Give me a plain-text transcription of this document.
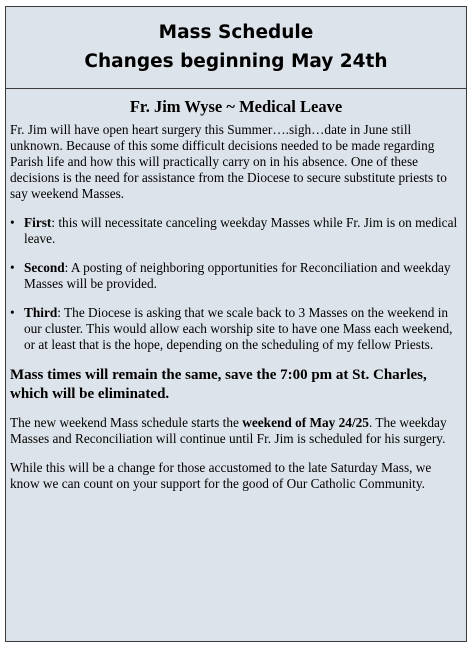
Mass Schedule
Changes beginning May 24th
Fr. Jim Wyse ~ Medical Leave

Fr. Jim will have open heart surgery this Summer….sigh…date in June still unknown. Because of this some difficult decisions needed to be made regarding Parish life and how this will practically carry on in his absence. One of these decisions is the need for assistance from the Diocese to secure substitute priests to say weekend Masses.

• First: this will necessitate canceling weekday Masses while Fr. Jim is on medical leave.
• Second: A posting of neighboring opportunities for Reconciliation and weekday Masses will be provided.
• Third: The Diocese is asking that we scale back to 3 Masses on the weekend in our cluster. This would allow each worship site to have one Mass each weekend, or at least that is the hope, depending on the scheduling of my fellow Priests.

Mass times will remain the same, save the 7:00 pm at St. Charles, which will be eliminated.

The new weekend Mass schedule starts the weekend of May 24/25. The weekday Masses and Reconciliation will continue until Fr. Jim is scheduled for his surgery.

While this will be a change for those accustomed to the late Saturday Mass, we know we can count on your support for the good of Our Catholic Community.
